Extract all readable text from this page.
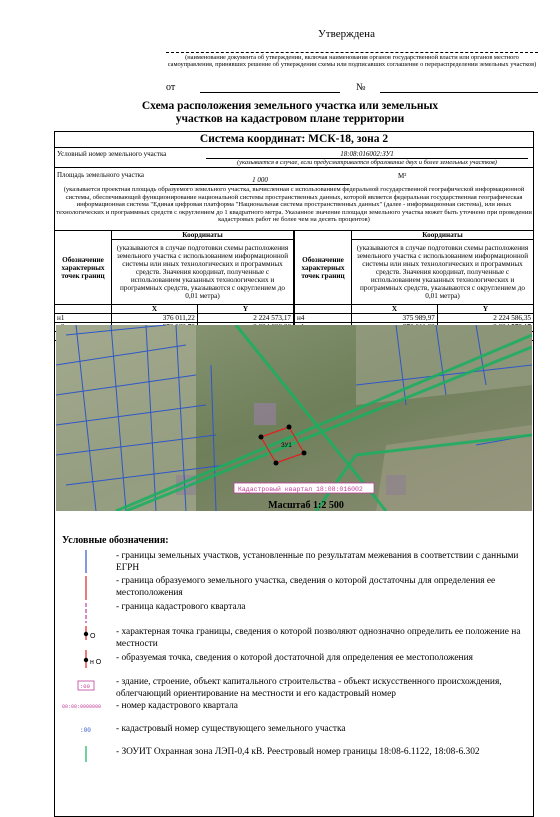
Утверждена
(наименование документа об утверждении, включая наименования органов государственной власти или органов местного самоуправления, принявших решение об утверждении схемы или подписавших соглашение о перераспределении земельных участков)
от	№
Схема расположения земельного участка или земельных участков на кадастровом плане территории
Система координат: МСК-18, зона 2
Условный номер земельного участка	18:08:016002:ЗУ1
(указывается в случае, если предусматривается образование двух и более земельных участков)
Площадь земельного участка
1 000	М²
(указывается проектная площадь образуемого земельного участка, вычисленная с использованием федеральной государственной географической информационной системы, обеспечивающей функционирование национальной системы пространственных данных, которой является федеральная государственная географическая информационная система "Единая цифровая платформа "Национальная система пространственных данных" (далее - информационная система), или иных технологических и программных средств с округлением до 1 квадратного метра. Указанное значение площади земельного участка может быть уточнено при проведении кадастровых работ не более чем на десять процентов)
Обозначение характерных точек границ	Координаты	
	(указываются в случае подготовки схемы расположения земельного участка с использованием информационной системы или иных технологических и программных средств. Значения координат, полученные с использованием указанных технологических и программных средств, указываются с округлением до 0,01 метра)	
	X	Y
н1	376 011,22	2 224 573,17

Обозначение характерных точек границ	Координаты	
	(указываются в случае подготовки схемы расположения земельного участка с использованием информационной системы или иных технологических и программных средств. Значения координат, полученные с использованием указанных технологических и программных средств, указываются с округлением до 0,01 метра)	
	X	Y
н4	375 989,97	2 224 586,35

ЗУ1
Кадастровый квартал 18:08:016002
Масштаб 1:2 500
Условные обозначения:
О
н О
:00
00:00:0000000
:00
- границы земельных участков, установленные по результатам межевания в соответствии с данными ЕГРН
- граница образуемого земельного участка, сведения о которой достаточны для определения ее местоположения
- граница кадастрового квартала
- характерная точка границы, сведения о которой позволяют однозначно определить ее положение на местности
- образуемая точка, сведения о которой достаточной для определения ее местоположения
- здание, строение, объект капитального строительства - объект искусственного происхождения, облегчающий ориентирование на местности и его кадастровый номер
- номер кадастрового квартала
- кадастровый номер существующего земельного участка
- ЗОУИТ Охранная зона ЛЭП-0,4 кВ. Реестровый номер границы 18:08-6.1122, 18:08-6.302
